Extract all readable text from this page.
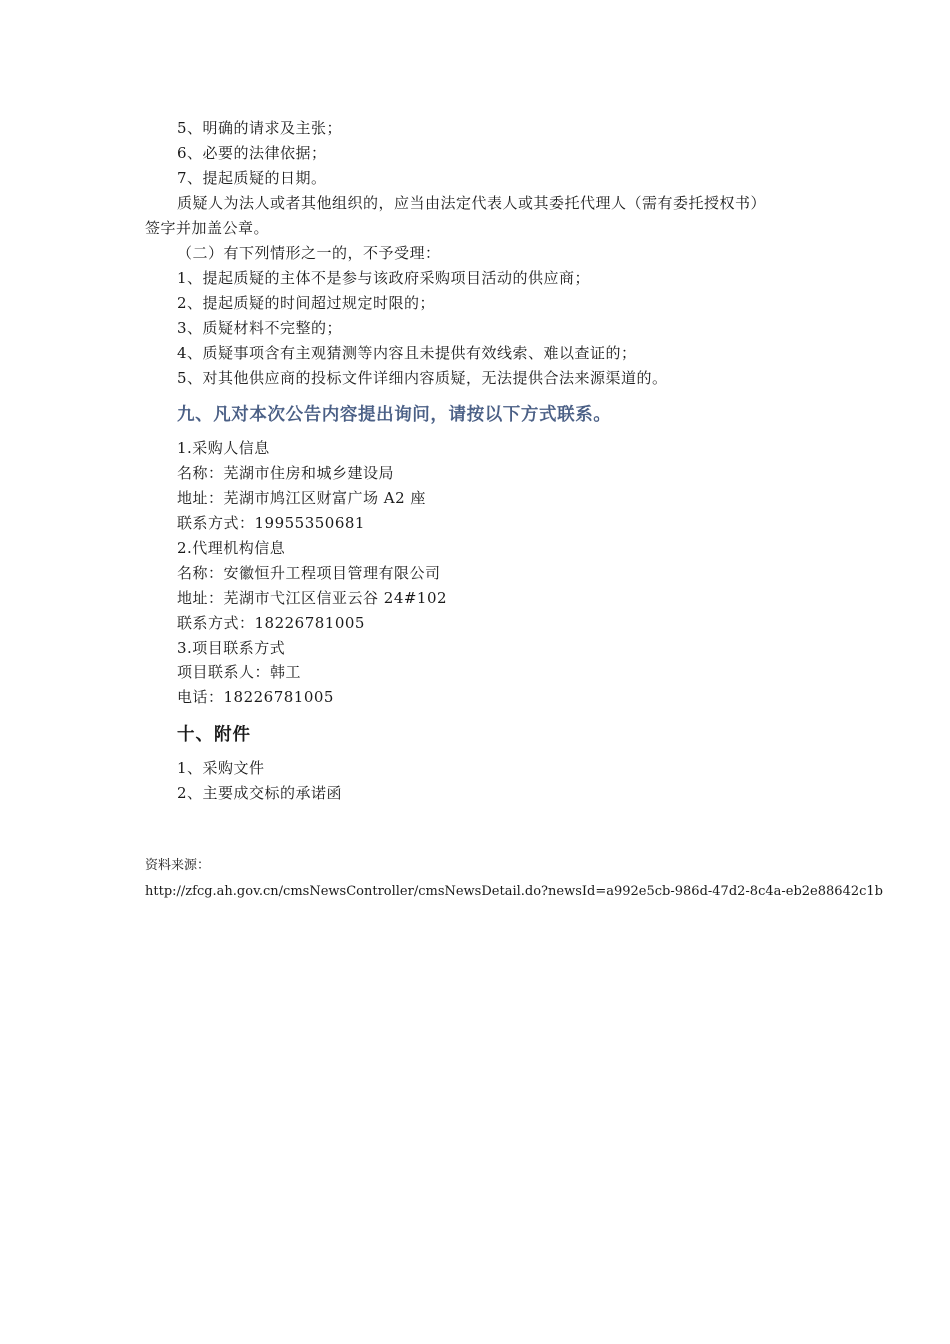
5、明确的请求及主张；
6、必要的法律依据；
7、提起质疑的日期。
质疑人为法人或者其他组织的，应当由法定代表人或其委托代理人（需有委托授权书）
签字并加盖公章。
（二）有下列情形之一的，不予受理：
1、提起质疑的主体不是参与该政府采购项目活动的供应商；
2、提起质疑的时间超过规定时限的；
3、质疑材料不完整的；
4、质疑事项含有主观猜测等内容且未提供有效线索、难以查证的；
5、对其他供应商的投标文件详细内容质疑，无法提供合法来源渠道的。
九、凡对本次公告内容提出询问，请按以下方式联系。
1.采购人信息
名称：芜湖市住房和城乡建设局
地址：芜湖市鸠江区财富广场 A2 座
联系方式：19955350681
2.代理机构信息
名称：安徽恒升工程项目管理有限公司
地址：芜湖市弋江区信亚云谷 24#102
联系方式：18226781005
3.项目联系方式
项目联系人：韩工
电话：18226781005
十、附件
1、采购文件
2、主要成交标的承诺函
资料来源：
http://zfcg.ah.gov.cn/cmsNewsController/cmsNewsDetail.do?newsId=a992e5cb-986d-47d2-8c4a-eb2e88642c1b
